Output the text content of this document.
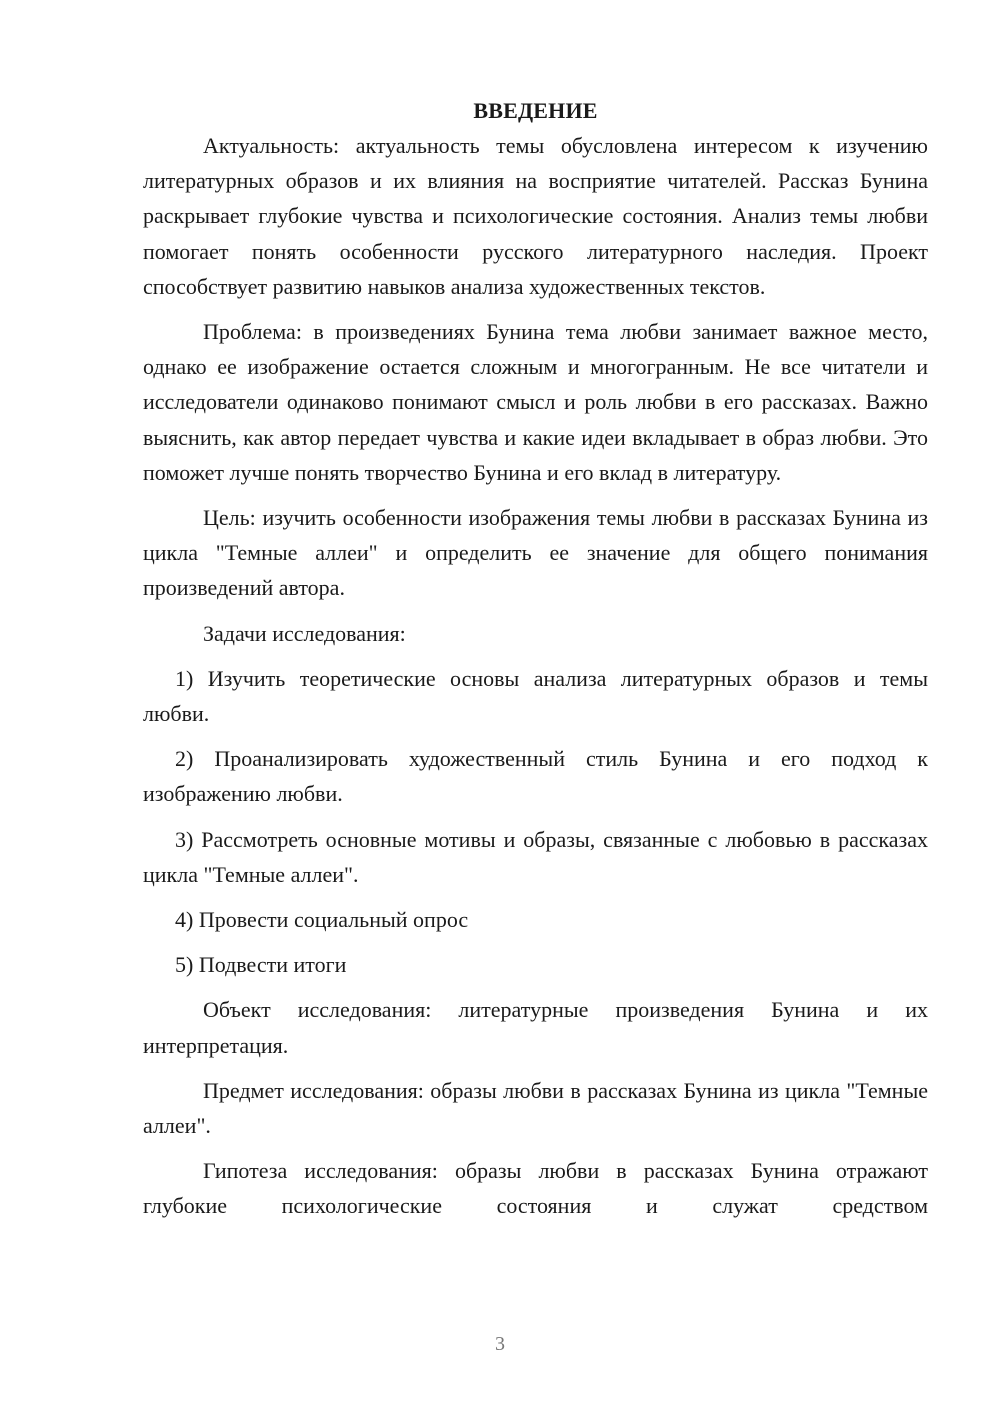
ВВЕДЕНИЕ

Актуальность: актуальность темы обусловлена интересом к изучению литературных образов и их влияния на восприятие читателей. Рассказ Бунина раскрывает глубокие чувства и психологические состояния. Анализ темы любви помогает понять особенности русского литературного наследия. Проект способствует развитию навыков анализа художественных текстов.

Проблема: в произведениях Бунина тема любви занимает важное место, однако ее изображение остается сложным и многогранным. Не все читатели и исследователи одинаково понимают смысл и роль любви в его рассказах. Важно выяснить, как автор передает чувства и какие идеи вкладывает в образ любви. Это поможет лучше понять творчество Бунина и его вклад в литературу.

Цель: изучить особенности изображения темы любви в рассказах Бунина из цикла "Темные аллеи" и определить ее значение для общего понимания произведений автора.

Задачи исследования:

1) Изучить теоретические основы анализа литературных образов и темы любви.

2) Проанализировать художественный стиль Бунина и его подход к изображению любви.

3) Рассмотреть основные мотивы и образы, связанные с любовью в рассказах цикла "Темные аллеи".

4) Провести социальный опрос

5) Подвести итоги

Объект исследования: литературные произведения Бунина и их интерпретация.

Предмет исследования: образы любви в рассказах Бунина из цикла "Темные аллеи".

Гипотеза исследования: образы любви в рассказах Бунина отражают глубокие психологические состояния и служат средством

3
